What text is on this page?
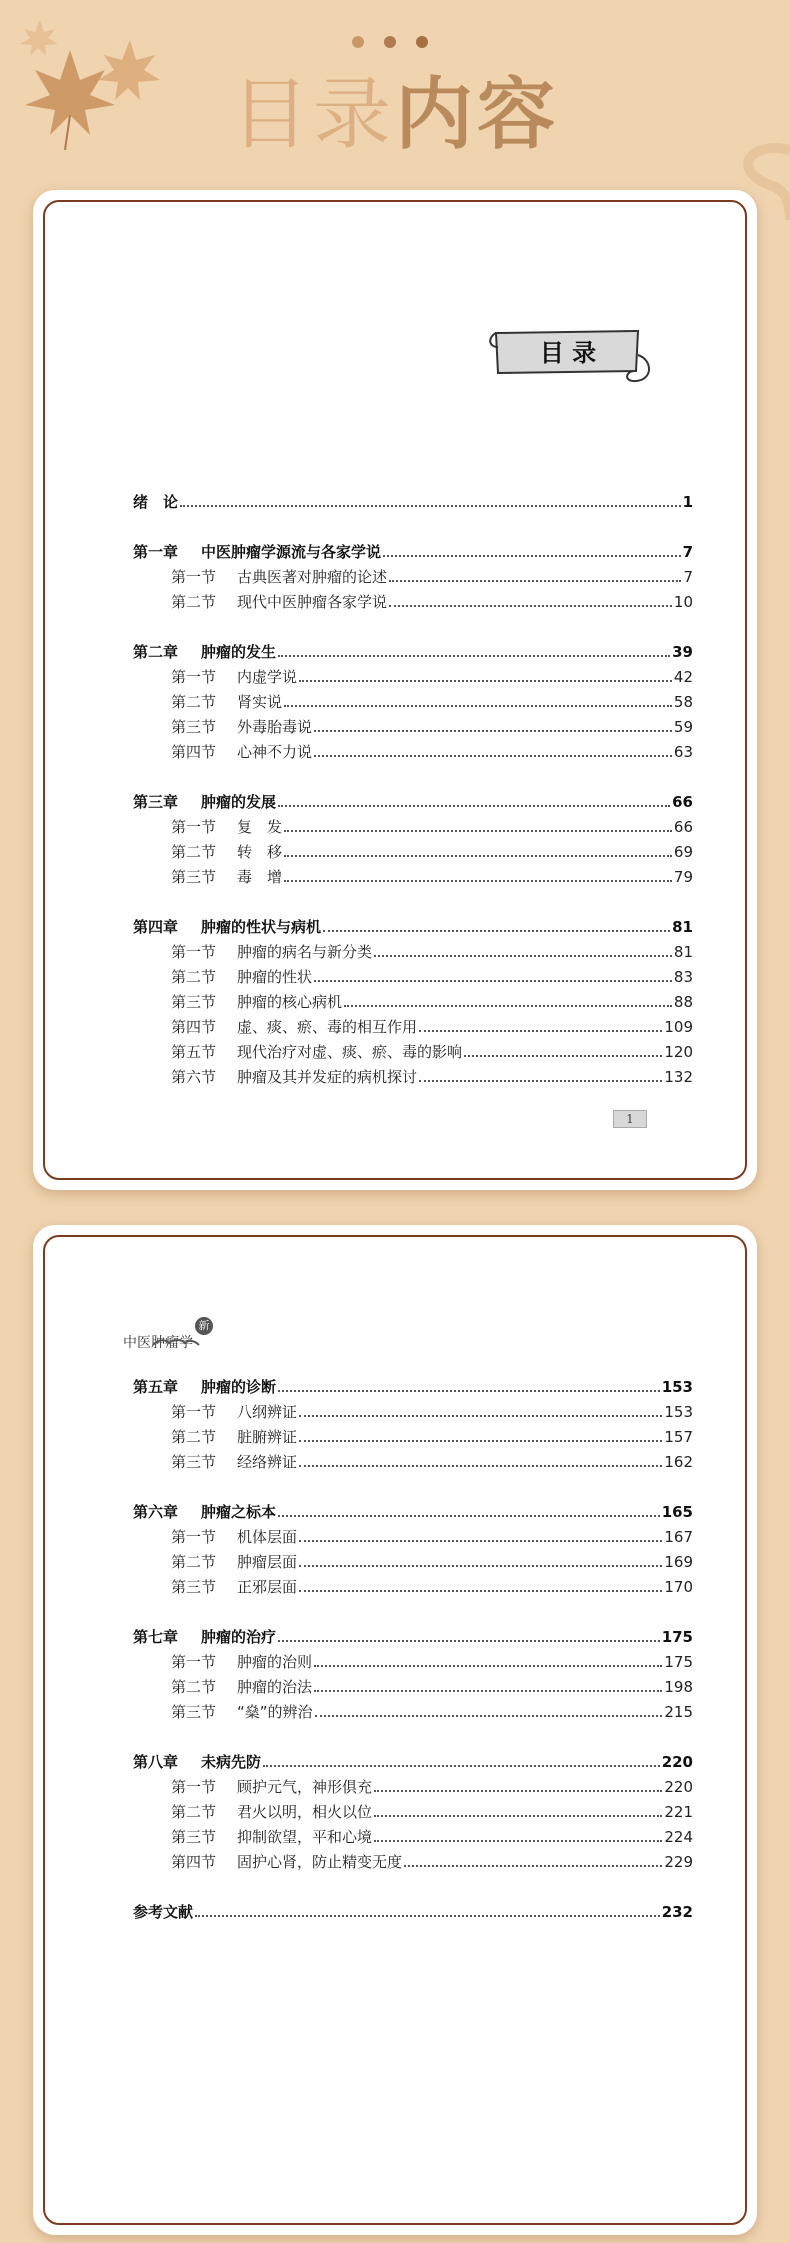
目录内容
目 录
绪　论	1
第一章 中医肿瘤学源流与各家学说	7
第一节 古典医著对肿瘤的论述	7
第二节 现代中医肿瘤各家学说	10
第二章 肿瘤的发生	39
第一节 内虚学说	42
第二节 肾实说	58
第三节 外毒胎毒说	59
第四节 心神不力说	63
第三章 肿瘤的发展	66
第一节 复　发	66
第二节 转　移	69
第三节 毒　增	79
第四章 肿瘤的性状与病机	81
第一节 肿瘤的病名与新分类	81
第二节 肿瘤的性状	83
第三节 肿瘤的核心病机	88
第四节 虚、痰、瘀、毒的相互作用	109
第五节 现代治疗对虚、痰、瘀、毒的影响	120
第六节 肿瘤及其并发症的病机探讨	132
1
中医肿瘤学新论
第五章 肿瘤的诊断	153
第一节 八纲辨证	153
第二节 脏腑辨证	157
第三节 经络辨证	162
第六章 肿瘤之标本	165
第一节 机体层面	167
第二节 肿瘤层面	169
第三节 正邪层面	170
第七章 肿瘤的治疗	175
第一节 肿瘤的治则	175
第二节 肿瘤的治法	198
第三节 “燊”的辨治	215
第八章 未病先防	220
第一节 顾护元气，神形俱充	220
第二节 君火以明，相火以位	221
第三节 抑制欲望，平和心境	224
第四节 固护心肾，防止精变无度	229
参考文献	232
